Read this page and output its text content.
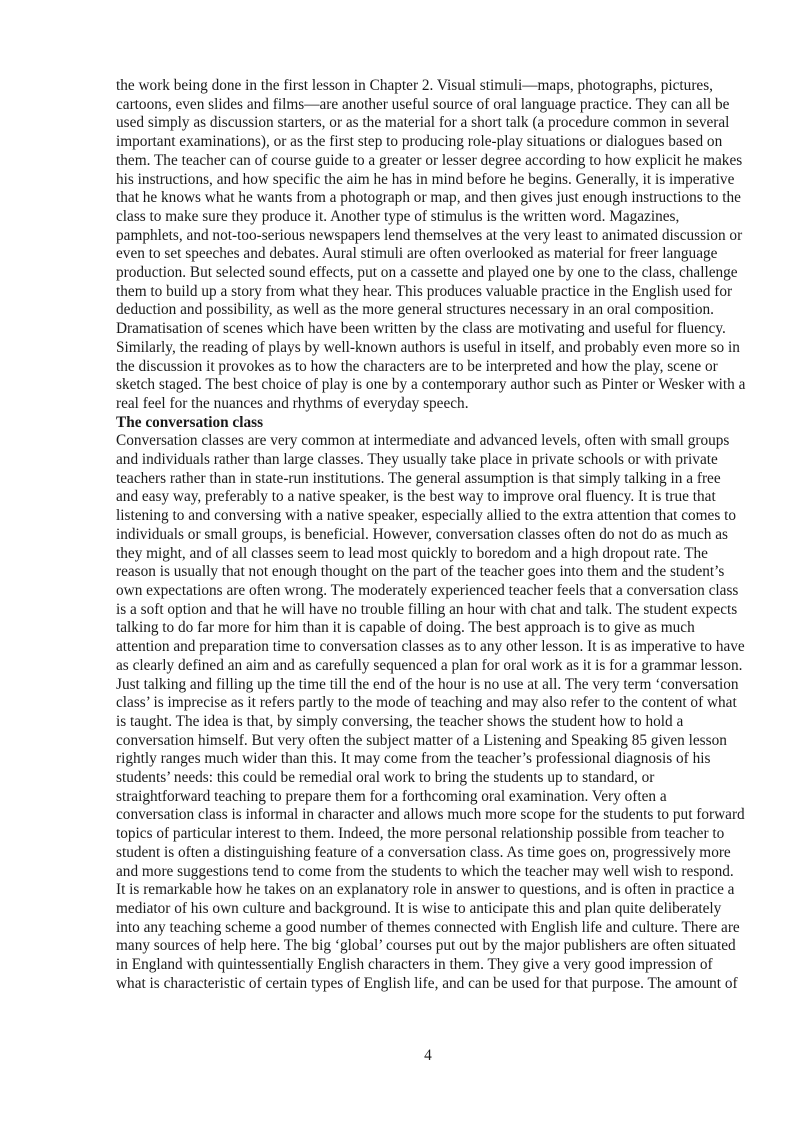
the work being done in the first lesson in Chapter 2. Visual stimuli—maps, photographs, pictures, cartoons, even slides and films—are another useful source of oral language practice. They can all be used simply as discussion starters, or as the material for a short talk (a procedure common in several important examinations), or as the first step to producing role-play situations or dialogues based on them. The teacher can of course guide to a greater or lesser degree according to how explicit he makes his instructions, and how specific the aim he has in mind before he begins. Generally, it is imperative that he knows what he wants from a photograph or map, and then gives just enough instructions to the class to make sure they produce it. Another type of stimulus is the written word. Magazines, pamphlets, and not-too-serious newspapers lend themselves at the very least to animated discussion or even to set speeches and debates. Aural stimuli are often overlooked as material for freer language production. But selected sound effects, put on a cassette and played one by one to the class, challenge them to build up a story from what they hear. This produces valuable practice in the English used for deduction and possibility, as well as the more general structures necessary in an oral composition. Dramatisation of scenes which have been written by the class are motivating and useful for fluency. Similarly, the reading of plays by well-known authors is useful in itself, and probably even more so in the discussion it provokes as to how the characters are to be interpreted and how the play, scene or sketch staged. The best choice of play is one by a contemporary author such as Pinter or Wesker with a real feel for the nuances and rhythms of everyday speech.

The conversation class

Conversation classes are very common at intermediate and advanced levels, often with small groups and individuals rather than large classes. They usually take place in private schools or with private teachers rather than in state-run institutions. The general assumption is that simply talking in a free and easy way, preferably to a native speaker, is the best way to improve oral fluency. It is true that listening to and conversing with a native speaker, especially allied to the extra attention that comes to individuals or small groups, is beneficial. However, conversation classes often do not do as much as they might, and of all classes seem to lead most quickly to boredom and a high dropout rate. The reason is usually that not enough thought on the part of the teacher goes into them and the student’s own expectations are often wrong. The moderately experienced teacher feels that a conversation class is a soft option and that he will have no trouble filling an hour with chat and talk. The student expects talking to do far more for him than it is capable of doing. The best approach is to give as much attention and preparation time to conversation classes as to any other lesson. It is as imperative to have as clearly defined an aim and as carefully sequenced a plan for oral work as it is for a grammar lesson. Just talking and filling up the time till the end of the hour is no use at all. The very term ‘conversation class’ is imprecise as it refers partly to the mode of teaching and may also refer to the content of what is taught. The idea is that, by simply conversing, the teacher shows the student how to hold a conversation himself. But very often the subject matter of a Listening and Speaking 85 given lesson rightly ranges much wider than this. It may come from the teacher’s professional diagnosis of his students’ needs: this could be remedial oral work to bring the students up to standard, or straightforward teaching to prepare them for a forthcoming oral examination. Very often a conversation class is informal in character and allows much more scope for the students to put forward topics of particular interest to them. Indeed, the more personal relationship possible from teacher to student is often a distinguishing feature of a conversation class. As time goes on, progressively more and more suggestions tend to come from the students to which the teacher may well wish to respond. It is remarkable how he takes on an explanatory role in answer to questions, and is often in practice a mediator of his own culture and background. It is wise to anticipate this and plan quite deliberately into any teaching scheme a good number of themes connected with English life and culture. There are many sources of help here. The big ‘global’ courses put out by the major publishers are often situated in England with quintessentially English characters in them. They give a very good impression of what is characteristic of certain types of English life, and can be used for that purpose. The amount of

4
